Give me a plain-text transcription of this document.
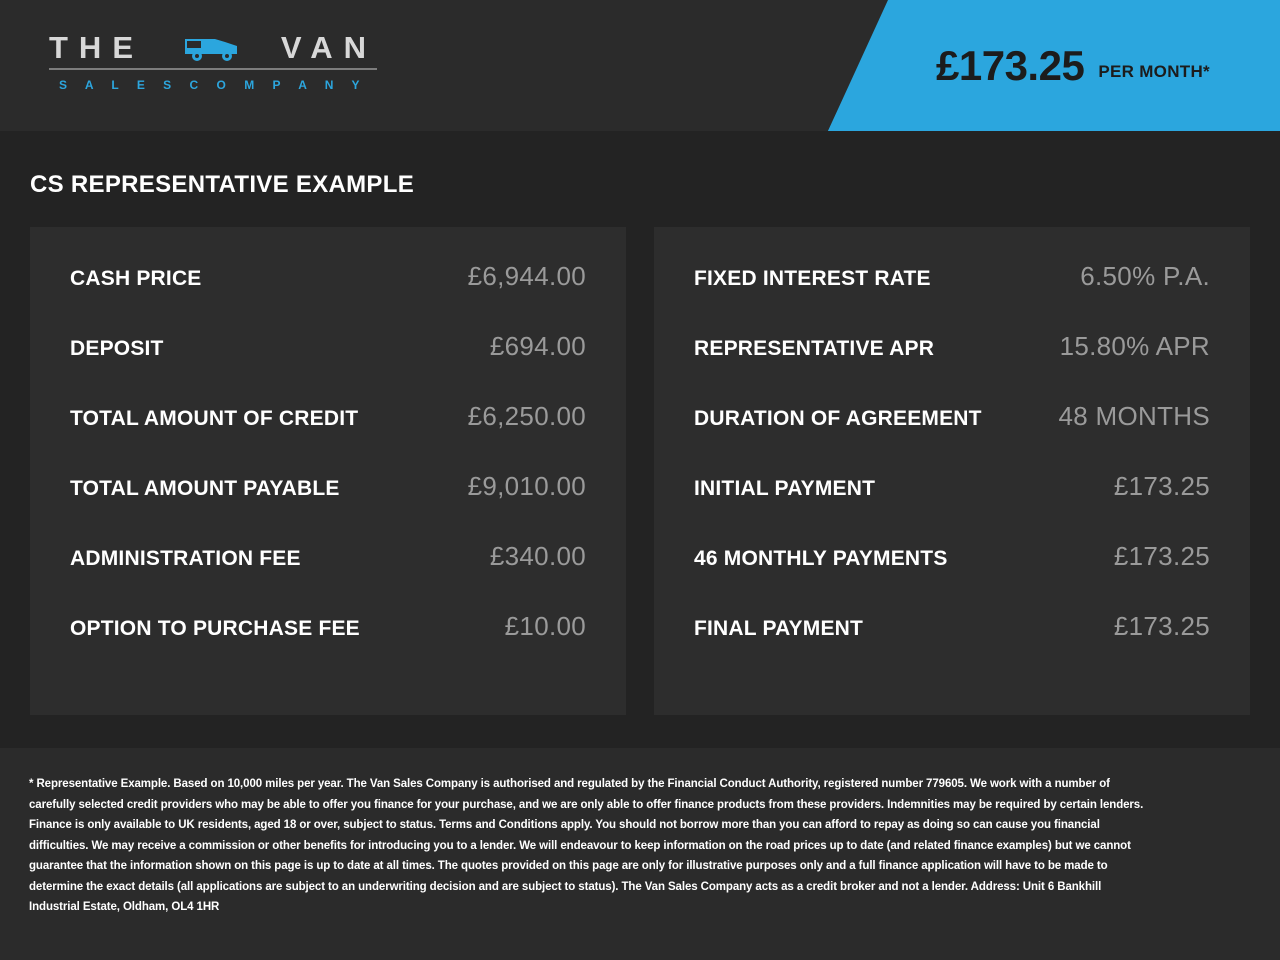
THE	VAN
S A L E S C O M P A N Y	£173.25 PER MONTH*
CS REPRESENTATIVE EXAMPLE
CASH PRICE	£6,944.00
DEPOSIT	£694.00
TOTAL AMOUNT OF CREDIT	£6,250.00
TOTAL AMOUNT PAYABLE	£9,010.00
ADMINISTRATION FEE	£340.00
OPTION TO PURCHASE FEE	£10.00
FIXED INTEREST RATE	6.50% P.A.
REPRESENTATIVE APR	15.80% APR
DURATION OF AGREEMENT	48 MONTHS
INITIAL PAYMENT	£173.25
46 MONTHLY PAYMENTS	£173.25
FINAL PAYMENT	£173.25

* Representative Example. Based on 10,000 miles per year. The Van Sales Company is authorised and regulated by the Financial Conduct Authority, registered number 779605. We work with a number of carefully selected credit providers who may be able to offer you finance for your purchase, and we are only able to offer finance products from these providers. Indemnities may be required by certain lenders. Finance is only available to UK residents, aged 18 or over, subject to status. Terms and Conditions apply. You should not borrow more than you can afford to repay as doing so can cause you financial difficulties. We may receive a commission or other benefits for introducing you to a lender. We will endeavour to keep information on the road prices up to date (and related finance examples) but we cannot guarantee that the information shown on this page is up to date at all times. The quotes provided on this page are only for illustrative purposes only and a full finance application will have to be made to determine the exact details (all applications are subject to an underwriting decision and are subject to status). The Van Sales Company acts as a credit broker and not a lender. Address: Unit 6 Bankhill Industrial Estate, Oldham, OL4 1HR
